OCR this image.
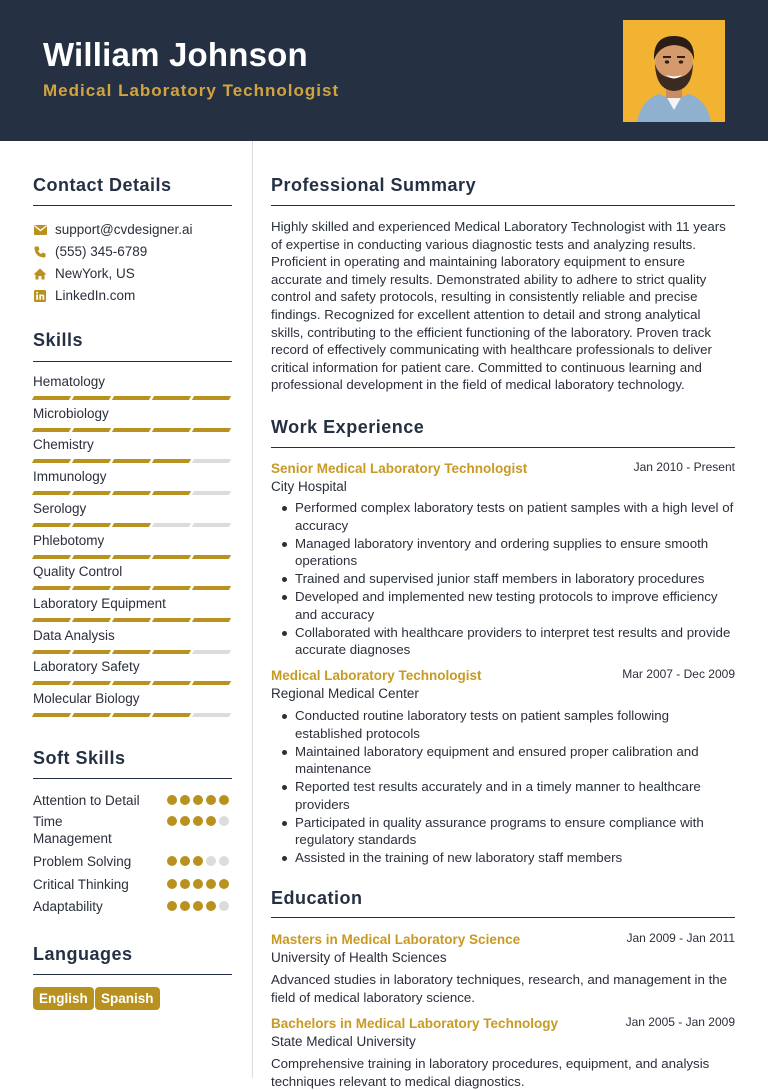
William Johnson
Medical Laboratory Technologist
Contact Details
support@cvdesigner.ai
(555) 345-6789
NewYork, US
LinkedIn.com
Skills
Hematology
Microbiology
Chemistry
Immunology
Serology
Phlebotomy
Quality Control
Laboratory Equipment
Data Analysis
Laboratory Safety
Molecular Biology
Soft Skills
Attention to Detail
Time Management
Problem Solving
Critical Thinking
Adaptability
Languages
English Spanish
Professional Summary
Highly skilled and experienced Medical Laboratory Technologist with 11 years of expertise in conducting various diagnostic tests and analyzing results. Proficient in operating and maintaining laboratory equipment to ensure accurate and timely results. Demonstrated ability to adhere to strict quality control and safety protocols, resulting in consistently reliable and precise findings. Recognized for excellent attention to detail and strong analytical skills, contributing to the efficient functioning of the laboratory. Proven track record of effectively communicating with healthcare professionals to deliver critical information for patient care. Committed to continuous learning and professional development in the field of medical laboratory technology.
Work Experience
Senior Medical Laboratory Technologist	Jan 2010 - Present
City Hospital
Performed complex laboratory tests on patient samples with a high level of accuracy
Managed laboratory inventory and ordering supplies to ensure smooth operations
Trained and supervised junior staff members in laboratory procedures
Developed and implemented new testing protocols to improve efficiency and accuracy
Collaborated with healthcare providers to interpret test results and provide accurate diagnoses
Medical Laboratory Technologist	Mar 2007 - Dec 2009
Regional Medical Center
Conducted routine laboratory tests on patient samples following established protocols
Maintained laboratory equipment and ensured proper calibration and maintenance
Reported test results accurately and in a timely manner to healthcare providers
Participated in quality assurance programs to ensure compliance with regulatory standards
Assisted in the training of new laboratory staff members
Education
Masters in Medical Laboratory Science	Jan 2009 - Jan 2011
University of Health Sciences
Advanced studies in laboratory techniques, research, and management in the field of medical laboratory science.
Bachelors in Medical Laboratory Technology	Jan 2005 - Jan 2009
State Medical University
Comprehensive training in laboratory procedures, equipment, and analysis techniques relevant to medical diagnostics.
